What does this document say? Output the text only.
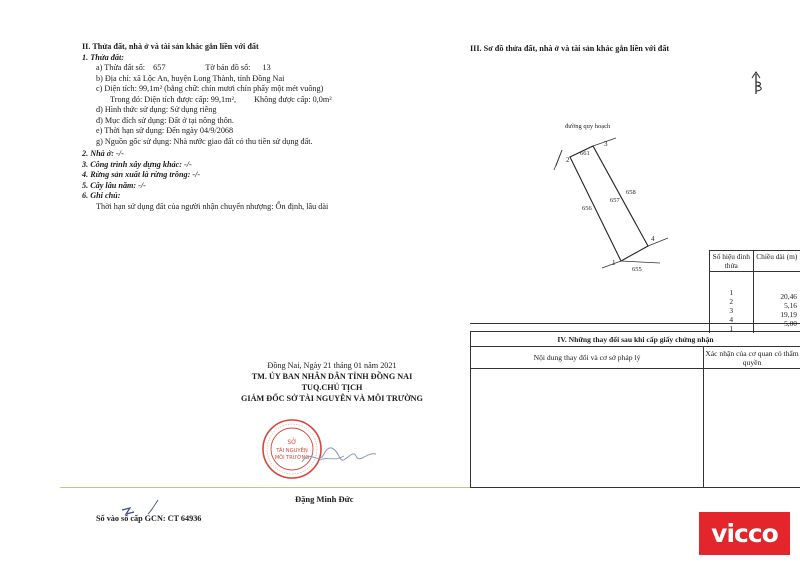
II. Thửa đất, nhà ở và tài sản khác gắn liền với đất
1. Thửa đất:
a) Thửa đất số: 657	Tờ bản đồ số: 13
b) Địa chỉ: xã Lộc An, huyện Long Thành, tỉnh Đồng Nai
c) Diện tích: 99,1m² (bằng chữ: chín mươi chín phẩy một mét vuông)
Trong đó: Diện tích được cấp: 99,1m², Không được cấp: 0,0m²
d) Hình thức sử dụng: Sử dụng riêng
đ) Mục đích sử dụng: Đất ở tại nông thôn.
e) Thời hạn sử dụng: Đến ngày 04/9/2068
g) Nguồn gốc sử dụng: Nhà nước giao đất có thu tiền sử dụng đất.
2. Nhà ở: -/-
3. Công trình xây dựng khác: -/-
4. Rừng sản xuất là rừng trồng: -/-
5. Cây lâu năm: -/-
6. Ghi chú:
Thời hạn sử dụng đất của người nhận chuyển nhượng: Ổn định, lâu dài
Đồng Nai, Ngày 21 tháng 01 năm 2021
TM. ỦY BAN NHÂN DÂN TỈNH ĐỒNG NAI
TUQ.CHỦ TỊCH
GIÁM ĐỐC SỞ TÀI NGUYÊN VÀ MÔI TRƯỜNG
SỞ
TÀI NGUYÊN
MÔI TRƯỜNG
Đặng Minh Đức
Số vào sổ cấp GCN: CT 64936
III. Sơ đồ thửa đất, nhà ở và tài sản khác gắn liền với đất
đường quy hoạch
2
3
4
1
661
657
656
658
655
Số hiệu đỉnh thửa
Chiều dài (m)
1
2
3
4
1
20,46
5,16
19,19
5,00
IV. Những thay đổi sau khi cấp giấy chứng nhận
Nội dung thay đổi và cơ sở pháp lý	Xác nhận của cơ quan có thẩm quyền
vicco
